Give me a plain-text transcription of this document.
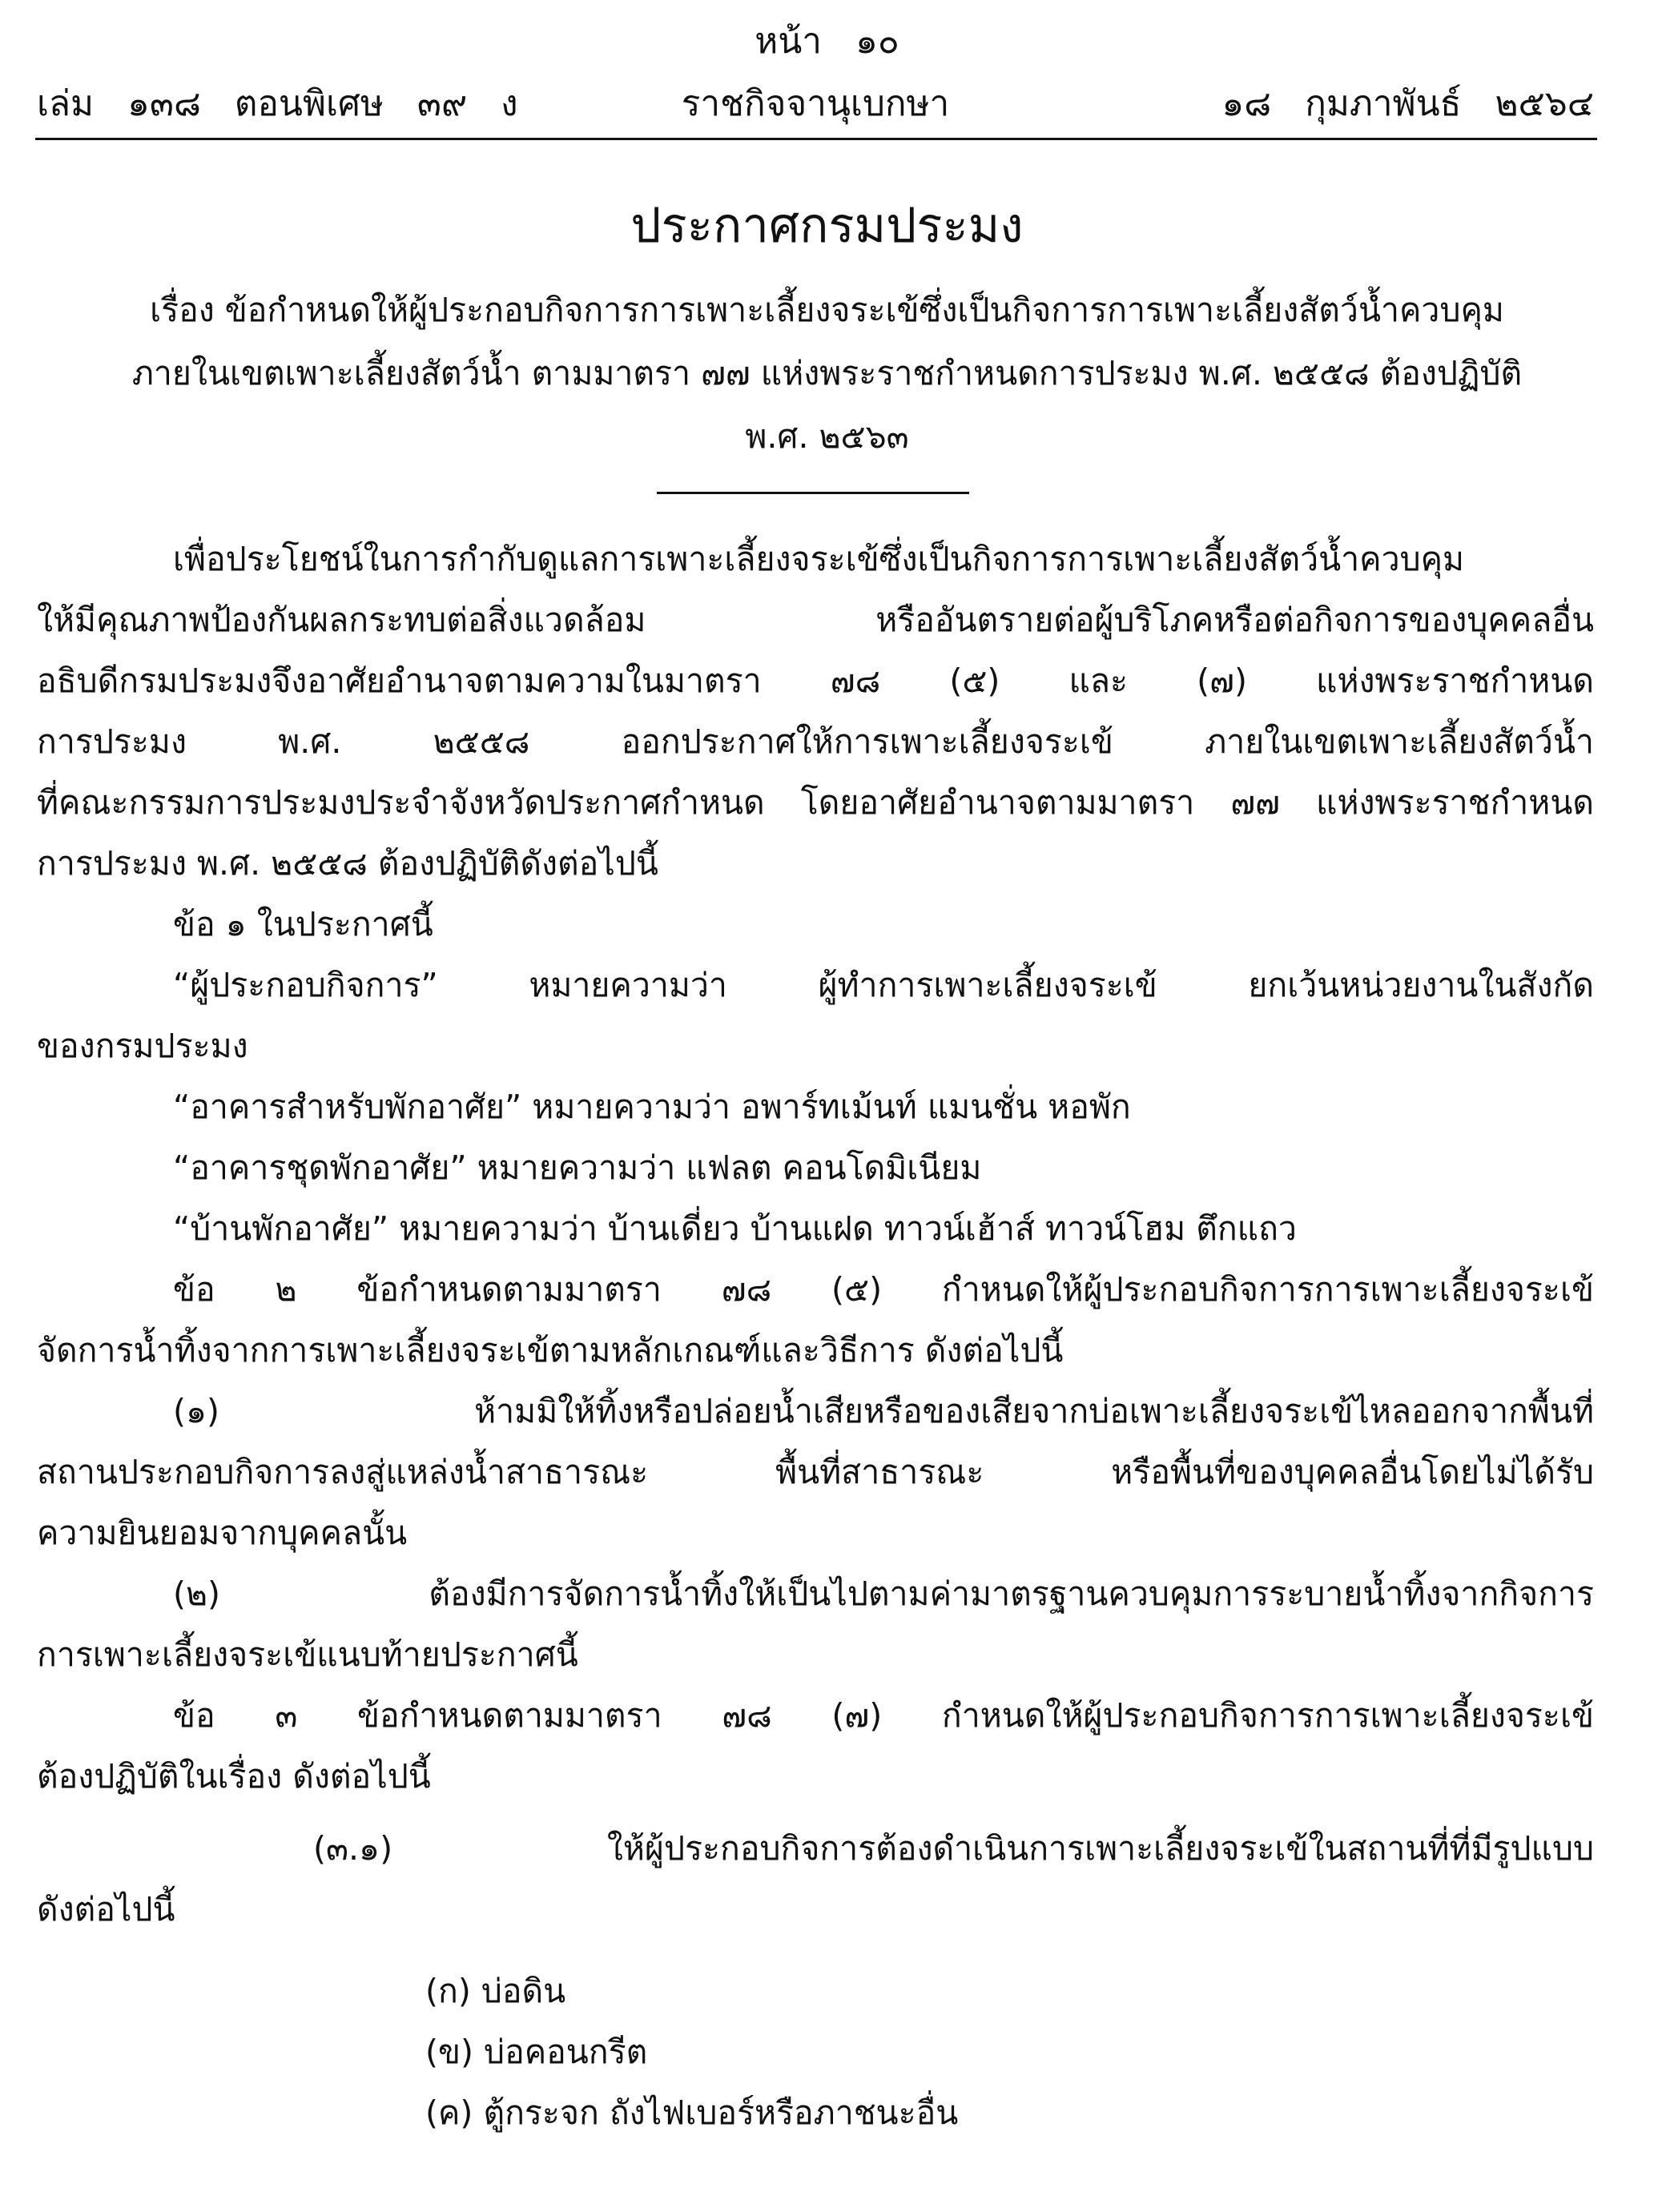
หน้า   ๑๐
เล่ม   ๑๓๘   ตอนพิเศษ   ๓๙   ง	ราชกิจจานุเบกษา	๑๘   กุมภาพันธ์   ๒๕๖๔
ประกาศกรมประมง
เรื่อง ข้อกำหนดให้ผู้ประกอบกิจการการเพาะเลี้ยงจระเข้ซึ่งเป็นกิจการการเพาะเลี้ยงสัตว์น้ำควบคุม
ภายในเขตเพาะเลี้ยงสัตว์น้ำ ตามมาตรา ๗๗ แห่งพระราชกำหนดการประมง พ.ศ. ๒๕๕๘ ต้องปฏิบัติ
พ.ศ. ๒๕๖๓
เพื่อประโยชน์ในการกำกับดูแลการเพาะเลี้ยงจระเข้ซึ่งเป็นกิจการการเพาะเลี้ยงสัตว์น้ำควบคุม
ให้มีคุณภาพป้องกันผลกระทบต่อสิ่งแวดล้อม หรืออันตรายต่อผู้บริโภคหรือต่อกิจการของบุคคลอื่น
อธิบดีกรมประมงจึงอาศัยอำนาจตามความในมาตรา ๗๘ (๕) และ (๗) แห่งพระราชกำหนด
การประมง พ.ศ. ๒๕๕๘ ออกประกาศให้การเพาะเลี้ยงจระเข้ ภายในเขตเพาะเลี้ยงสัตว์น้ำ
ที่คณะกรรมการประมงประจำจังหวัดประกาศกำหนด โดยอาศัยอำนาจตามมาตรา ๗๗ แห่งพระราชกำหนด
การประมง พ.ศ. ๒๕๕๘ ต้องปฏิบัติดังต่อไปนี้
ข้อ ๑ ในประกาศนี้
“ผู้ประกอบกิจการ” หมายความว่า ผู้ทำการเพาะเลี้ยงจระเข้ ยกเว้นหน่วยงานในสังกัด
ของกรมประมง
“อาคารสำหรับพักอาศัย” หมายความว่า อพาร์ทเม้นท์ แมนชั่น หอพัก
“อาคารชุดพักอาศัย” หมายความว่า แฟลต คอนโดมิเนียม
“บ้านพักอาศัย” หมายความว่า บ้านเดี่ยว บ้านแฝด ทาวน์เฮ้าส์ ทาวน์โฮม ตึกแถว
ข้อ ๒ ข้อกำหนดตามมาตรา ๗๘ (๕) กำหนดให้ผู้ประกอบกิจการการเพาะเลี้ยงจระเข้
จัดการน้ำทิ้งจากการเพาะเลี้ยงจระเข้ตามหลักเกณฑ์และวิธีการ ดังต่อไปนี้
(๑) ห้ามมิให้ทิ้งหรือปล่อยน้ำเสียหรือของเสียจากบ่อเพาะเลี้ยงจระเข้ไหลออกจากพื้นที่
สถานประกอบกิจการลงสู่แหล่งน้ำสาธารณะ พื้นที่สาธารณะ หรือพื้นที่ของบุคคลอื่นโดยไม่ได้รับ
ความยินยอมจากบุคคลนั้น
(๒) ต้องมีการจัดการน้ำทิ้งให้เป็นไปตามค่ามาตรฐานควบคุมการระบายน้ำทิ้งจากกิจการ
การเพาะเลี้ยงจระเข้แนบท้ายประกาศนี้
ข้อ ๓ ข้อกำหนดตามมาตรา ๗๘ (๗) กำหนดให้ผู้ประกอบกิจการการเพาะเลี้ยงจระเข้
ต้องปฏิบัติในเรื่อง ดังต่อไปนี้
(๓.๑) ให้ผู้ประกอบกิจการต้องดำเนินการเพาะเลี้ยงจระเข้ในสถานที่ที่มีรูปแบบ
ดังต่อไปนี้
(ก) บ่อดิน
(ข) บ่อคอนกรีต
(ค) ตู้กระจก ถังไฟเบอร์หรือภาชนะอื่น
